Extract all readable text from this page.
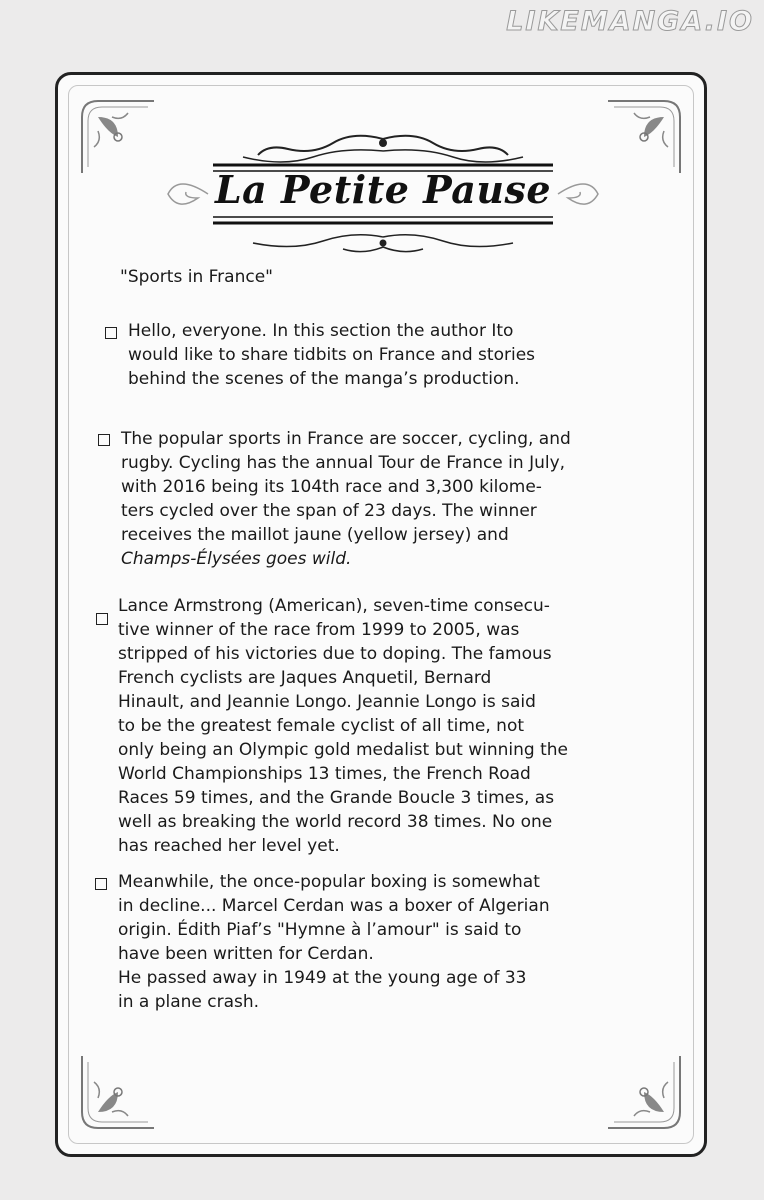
LIKEMANGA.IO
La Petite Pause
"Sports in France"
Hello, everyone. In this section the author Ito
would like to share tidbits on France and stories
behind the scenes of the manga’s production.
The popular sports in France are soccer, cycling, and
rugby. Cycling has the annual Tour de France in July,
with 2016 being its 104th race and 3,300 kilome-
ters cycled over the span of 23 days. The winner
receives the maillot jaune (yellow jersey) and
Champs-Élysées goes wild.
Lance Armstrong (American), seven-time consecu-
tive winner of the race from 1999 to 2005, was
stripped of his victories due to doping. The famous
French cyclists are Jaques Anquetil, Bernard
Hinault, and Jeannie Longo. Jeannie Longo is said
to be the greatest female cyclist of all time, not
only being an Olympic gold medalist but winning the
World Championships 13 times, the French Road
Races 59 times, and the Grande Boucle 3 times, as
well as breaking the world record 38 times. No one
has reached her level yet.
Meanwhile, the once-popular boxing is somewhat
in decline... Marcel Cerdan was a boxer of Algerian
origin. Édith Piaf’s "Hymne à l’amour" is said to
have been written for Cerdan.
He passed away in 1949 at the young age of 33
in a plane crash.
